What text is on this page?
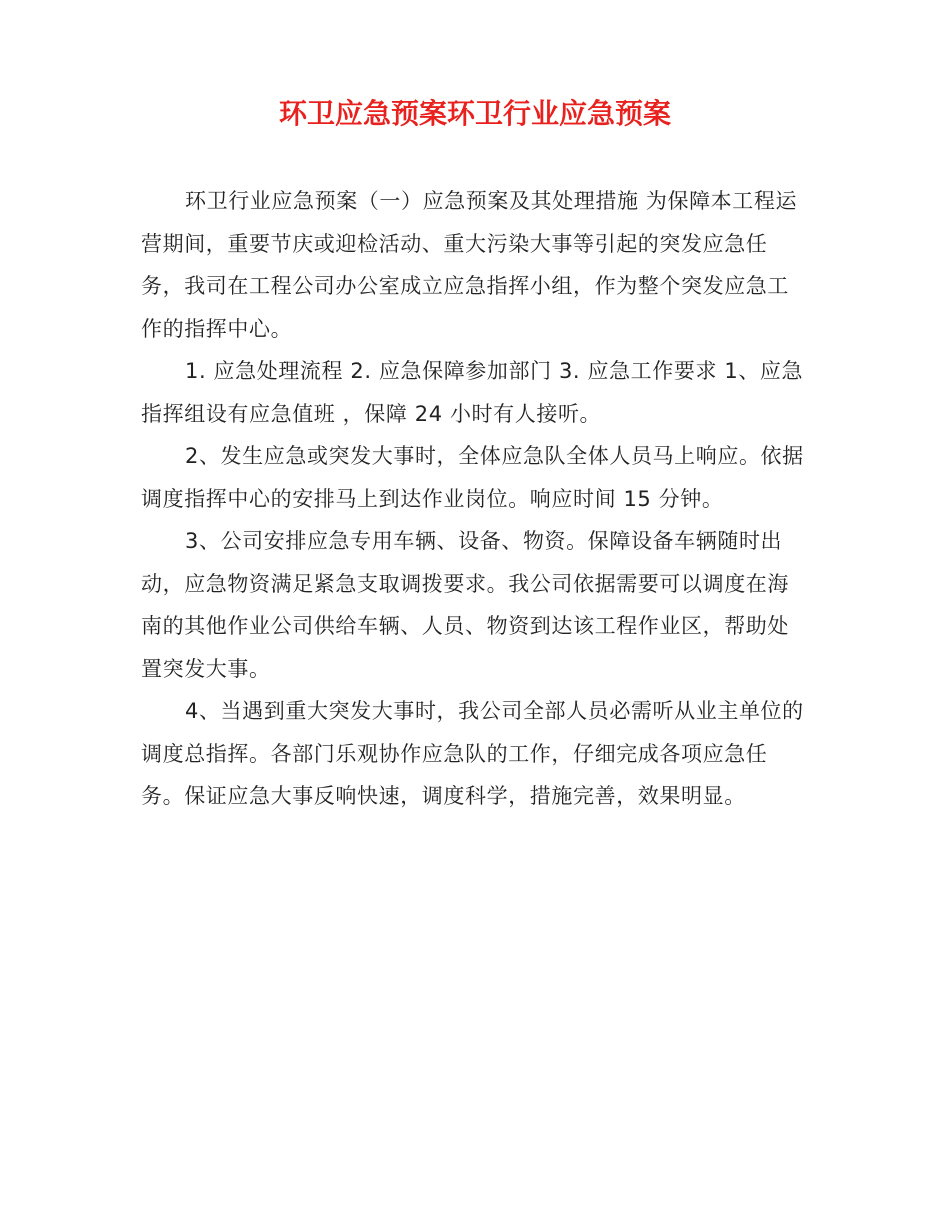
环卫应急预案环卫行业应急预案

环卫行业应急预案（一）应急预案及其处理措施 为保障本工程运营期间，重要节庆或迎检活动、重大污染大事等引起的突发应急任务，我司在工程公司办公室成立应急指挥小组，作为整个突发应急工作的指挥中心。

1. 应急处理流程 2. 应急保障参加部门 3. 应急工作要求 1、应急指挥组设有应急值班 ，保障 24 小时有人接听。

2、发生应急或突发大事时，全体应急队全体人员马上响应。依据调度指挥中心的安排马上到达作业岗位。响应时间 15 分钟。

3、公司安排应急专用车辆、设备、物资。保障设备车辆随时出动，应急物资满足紧急支取调拨要求。我公司依据需要可以调度在海南的其他作业公司供给车辆、人员、物资到达该工程作业区，帮助处置突发大事。

4、当遇到重大突发大事时，我公司全部人员必需听从业主单位的调度总指挥。各部门乐观协作应急队的工作，仔细完成各项应急任务。保证应急大事反响快速，调度科学，措施完善，效果明显。
